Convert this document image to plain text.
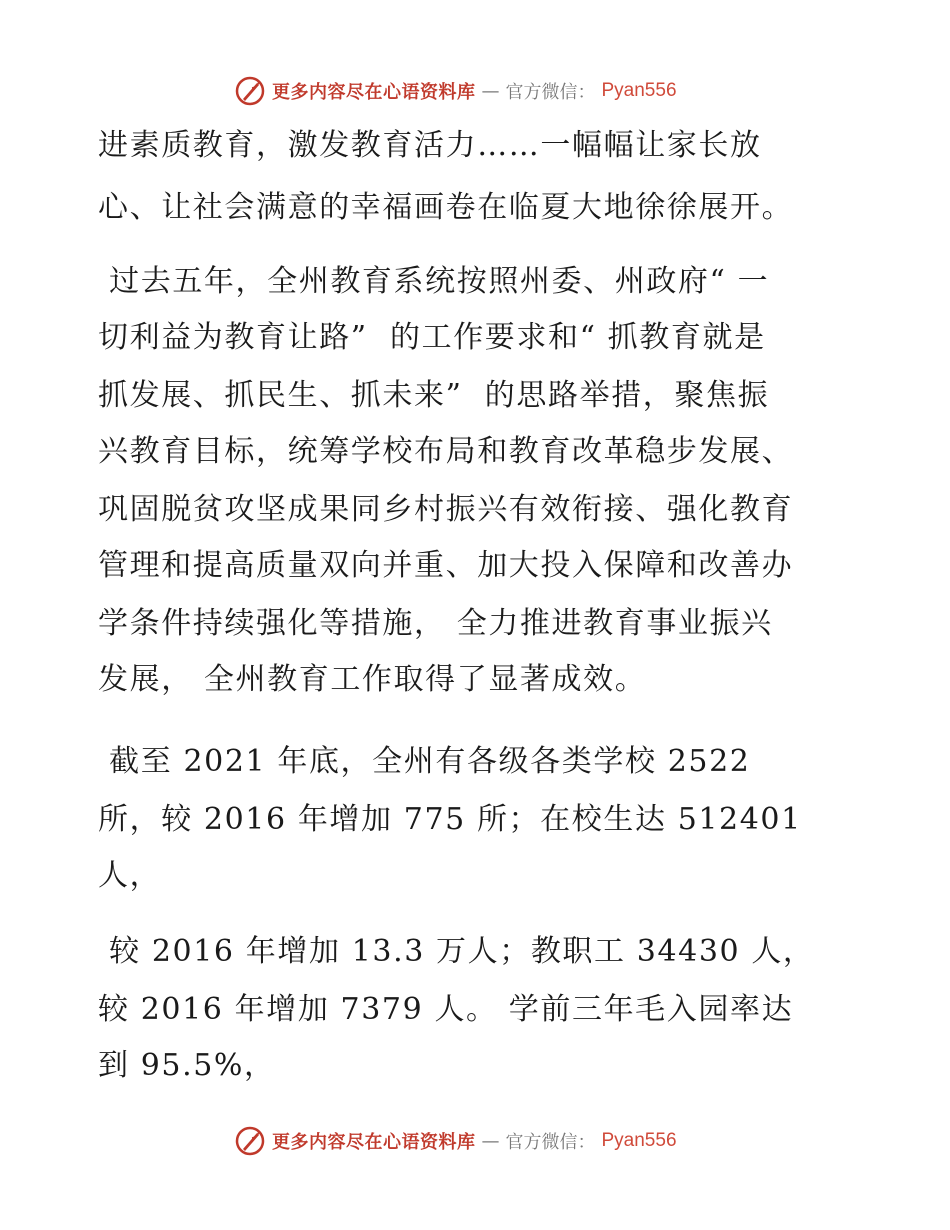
更多内容尽在心语资料库 — 官方微信： Pyan556
进素质教育，激发教育活力……一幅幅让家长放
心、让社会满意的幸福画卷在临夏大地徐徐展开。
过去五年，全州教育系统按照州委、州政府“ 一
切利益为教育让路”  的工作要求和“ 抓教育就是
抓发展、抓民生、抓未来”  的思路举措，聚焦振
兴教育目标，统筹学校布局和教育改革稳步发展、
巩固脱贫攻坚成果同乡村振兴有效衔接、强化教育
管理和提高质量双向并重、加大投入保障和改善办
学条件持续强化等措施， 全力推进教育事业振兴
发展， 全州教育工作取得了显著成效。
截至 2021 年底，全州有各级各类学校 2522
所，较 2016 年增加 775 所；在校生达 512401
人，
较 2016 年增加 13.3 万人；教职工 34430 人，
较 2016 年增加 7379 人。 学前三年毛入园率达
到 95.5%，
更多内容尽在心语资料库 — 官方微信： Pyan556
